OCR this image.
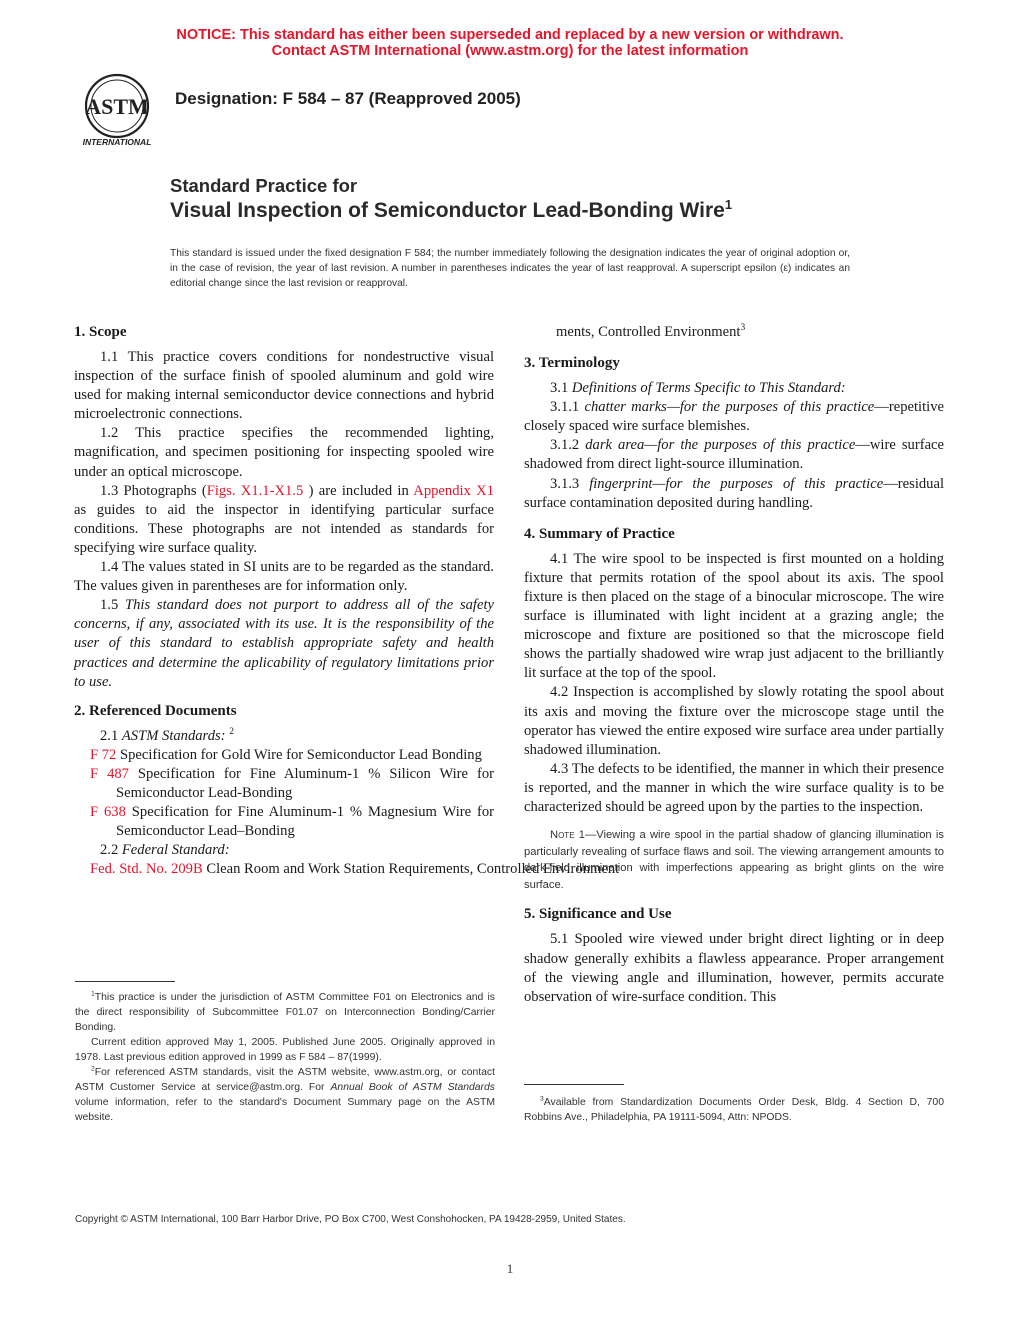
NOTICE: This standard has either been superseded and replaced by a new version or withdrawn.
Contact ASTM International (www.astm.org) for the latest information
ASTM
INTERNATIONAL
Designation: F 584 – 87 (Reapproved 2005)
Standard Practice for
Visual Inspection of Semiconductor Lead-Bonding Wire$^1$
This standard is issued under the fixed designation F 584; the number immediately following the designation indicates the year of original adoption or, in the case of revision, the year of last revision. A number in parentheses indicates the year of last reapproval. A superscript epsilon (ε) indicates an editorial change since the last revision or reapproval.
1. Scope

1.1 This practice covers conditions for nondestructive visual inspection of the surface finish of spooled aluminum and gold wire used for making internal semiconductor device connections and hybrid microelectronic connections.

1.2 This practice specifies the recommended lighting, magnification, and specimen positioning for inspecting spooled wire under an optical microscope.

1.3 Photographs (Figs. X1.1-X1.5 ) are included in Appendix X1 as guides to aid the inspector in identifying particular surface conditions. These photographs are not intended as standards for specifying wire surface quality.

1.4 The values stated in SI units are to be regarded as the standard. The values given in parentheses are for information only.

1.5 This standard does not purport to address all of the safety concerns, if any, associated with its use. It is the responsibility of the user of this standard to establish appropriate safety and health practices and determine the aplicability of regulatory limitations prior to use.

2. Referenced Documents

2.1 ASTM Standards: $^2$

F 72 Specification for Gold Wire for Semiconductor Lead Bonding

F 487 Specification for Fine Aluminum-1 % Silicon Wire for Semiconductor Lead-Bonding

F 638 Specification for Fine Aluminum-1 % Magnesium Wire for Semiconductor Lead–Bonding

2.2 Federal Standard:

Fed. Std. No. 209B Clean Room and Work Station Requirements, Controlled Environment

$^1$This practice is under the jurisdiction of ASTM Committee F01 on Electronics and is the direct responsibility of Subcommittee F01.07 on Interconnection Bonding/Carrier Bonding.

Current edition approved May 1, 2005. Published June 2005. Originally approved in 1978. Last previous edition approved in 1999 as F 584 – 87(1999).

$^2$For referenced ASTM standards, visit the ASTM website, www.astm.org, or contact ASTM Customer Service at service@astm.org. For Annual Book of ASTM Standards volume information, refer to the standard's Document Summary page on the ASTM website.

ments, Controlled Environment$^3$

3. Terminology

3.1 Definitions of Terms Specific to This Standard:

3.1.1 chatter marks—for the purposes of this practice—repetitive closely spaced wire surface blemishes.

3.1.2 dark area—for the purposes of this practice—wire surface shadowed from direct light-source illumination.

3.1.3 fingerprint—for the purposes of this practice—residual surface contamination deposited during handling.

4. Summary of Practice

4.1 The wire spool to be inspected is first mounted on a holding fixture that permits rotation of the spool about its axis. The spool fixture is then placed on the stage of a binocular microscope. The wire surface is illuminated with light incident at a grazing angle; the microscope and fixture are positioned so that the microscope field shows the partially shadowed wire wrap just adjacent to the brilliantly lit surface at the top of the spool.

4.2 Inspection is accomplished by slowly rotating the spool about its axis and moving the fixture over the microscope stage until the operator has viewed the entire exposed wire surface area under partially shadowed illumination.

4.3 The defects to be identified, the manner in which their presence is reported, and the manner in which the wire surface quality is to be characterized should be agreed upon by the parties to the inspection.

Note 1—Viewing a wire spool in the partial shadow of glancing illumination is particularly revealing of surface flaws and soil. The viewing arrangement amounts to dark-field illumination with imperfections appearing as bright glints on the wire surface.

5. Significance and Use

5.1 Spooled wire viewed under bright direct lighting or in deep shadow generally exhibits a flawless appearance. Proper arrangement of the viewing angle and illumination, however, permits accurate observation of wire-surface condition. This

$^3$Available from Standardization Documents Order Desk, Bldg. 4 Section D, 700 Robbins Ave., Philadelphia, PA 19111-5094, Attn: NPODS.

Copyright © ASTM International, 100 Barr Harbor Drive, PO Box C700, West Conshohocken, PA 19428-2959, United States.
1
